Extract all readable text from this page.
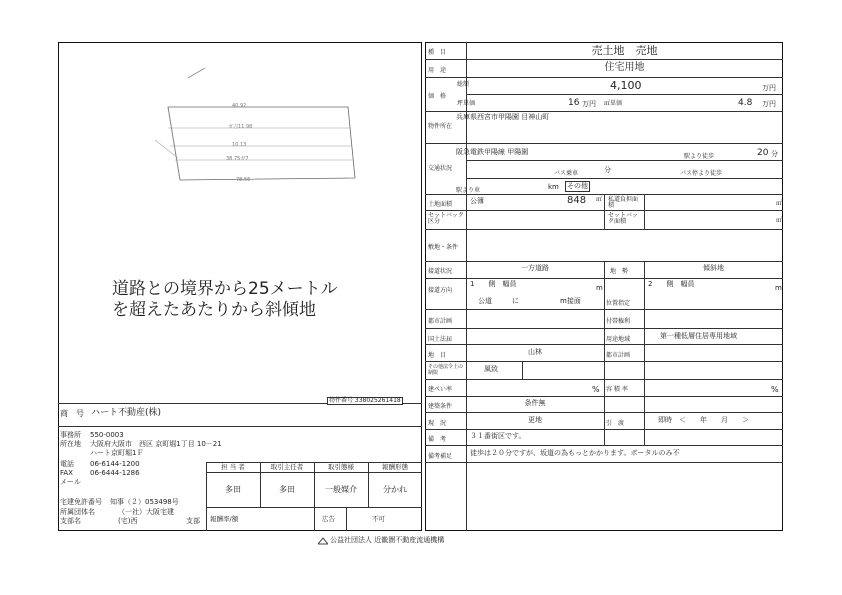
40.92
ガ刀11.98
10.13
38.75ガ7
78.56
道路との境界から25メートル
を超えたあたりから斜傾地
物件番号 338025261418
商　号 ハート不動産(株)
事務所 550-0003
所在地 大阪府大阪市　西区 京町堀1丁目 10－21
ハート京町堀1Ｆ
電話 06-6144-1200
FAX 06-6444-1286
メール
宅建免許番号 知事（２）053498号
所属団体名	（一社）大阪宅建
支部名	(宅)西	支部
担 当 者	取引主任者	取引態様	報酬形態
多田	多田	一般媒介	分かれ
報酬率/額	広告	不可
種　目	売土地　売地
用　途	住宅用地
価　格
総額	4,100	万円
坪単価	16 万円 ㎡単価	4.8 万円
物件所在
兵庫県西宮市甲陽園 目神山町
交通状況
阪急電鉄甲陽線 甲陽園
駅より徒歩	20 分
バス乗車	分	バス停より徒歩
駅より車	km その他
土地面積	公簿	848 ㎡ 私道負担面積	㎡
セットバック区分
セットバック面積	㎡
敷地・条件
接道状況	一方道路	地　勢	傾斜地
接道方向
1　　側　幅員	m	2　　側　幅員	m
公道	に	m接面	位置指定
都市計画	付帯権利
国土法届	用途地域	第一種低層住居専用地域
地　目	山林	都市計画
その他法令上の制限	風致
建ぺい率	% 容 積 率	%
建築条件	条件無
現　況	更地	引　渡	即時　＜　　年　　月　　＞
備　考	３１番街区です。
備考補足	徒歩は２０分ですが、坂道の為もっとかかります。ポータルのみ不
公益社団法人 近畿圏不動産流通機構
